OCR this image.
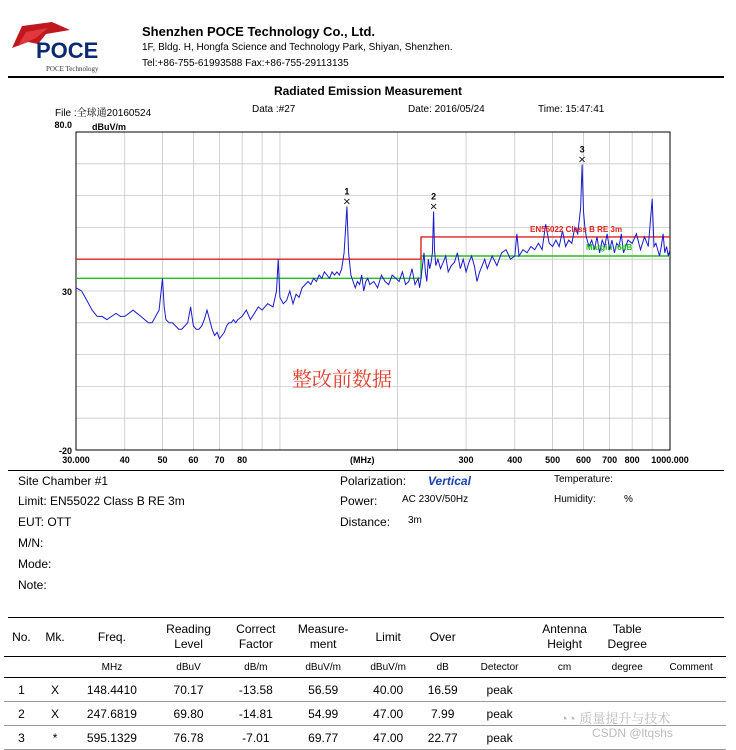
POCE
POCE Technology
Shenzhen POCE Technology Co., Ltd.
1F, Bldg. H, Hongfa Science and Technology Park, Shiyan, Shenzhen.
Tel:+86-755-61993588 Fax:+86-755-29113135
Radiated Emission Measurement
File :全球通20160524	Data :#27	Date: 2016/05/24	Time: 15:47:41
dBuV/m
(MHz)
80.0
30
-20
30.000	40	50 60 70 80	300	400	500 600 700 800 1000.000
1
×	2
×
3
×
EN55022 Class B RE 3m
Margin -6dB
整改前数据
Site Chamber #1
Limit: EN55022 Class B RE 3m
EUT: OTT
M/N:
Mode:
Note:
Polarization: Vertical
Power: AC 230V/50Hz
Distance: 3m
Temperature:
Humidity:	%
No.	Mk.	Freq.	Reading Level	Correct Factor	Measure- ment	Limit	Over		Antenna Height	Table Degree	
		MHz	dBuV	dB/m	dBuV/m	dBuV/m	dB	Detector	cm	degree	Comment
1	X	148.4410	70.17	-13.58	56.59	40.00	16.59	peak			
2	X	247.6819	69.80	-14.81	54.99	47.00	7.99	peak			
3	*	595.1329	76.78	-7.01	69.77	47.00	22.77	peak			
◔◔ 质量提升与技术
CSDN @ltqshs
